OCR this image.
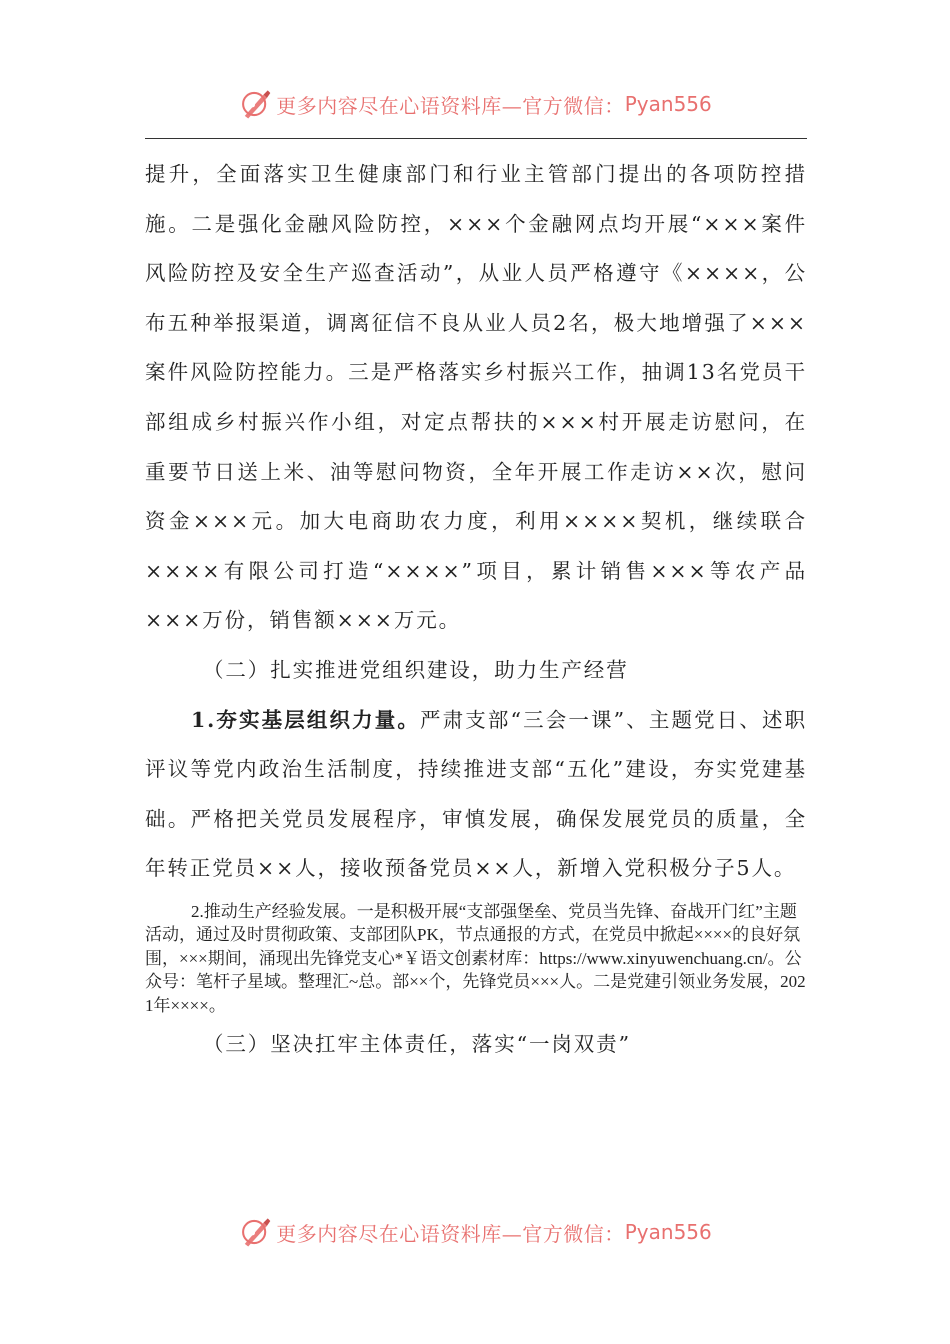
更多内容尽在心语资料库—官方微信： Pyan556

提升，全面落实卫生健康部门和行业主管部门提出的各项防控措施。二是强化金融风险防控，×××个金融网点均开展“×××案件风险防控及安全生产巡查活动”，从业人员严格遵守《××××，公布五种举报渠道，调离征信不良从业人员2名，极大地增强了×××案件风险防控能力。三是严格落实乡村振兴工作，抽调13名党员干部组成乡村振兴作小组，对定点帮扶的×××村开展走访慰问，在重要节日送上米、油等慰问物资，全年开展工作走访××次，慰问资金×××元。加大电商助农力度，利用××××契机，继续联合××××有限公司打造“××××”项目，累计销售×××等农产品×××万份，销售额×××万元。

（二）扎实推进党组织建设，助力生产经营

1.夯实基层组织力量。严肃支部“三会一课”、主题党日、述职评议等党内政治生活制度，持续推进支部“五化”建设，夯实党建基础。严格把关党员发展程序，审慎发展，确保发展党员的质量，全年转正党员××人，接收预备党员××人，新增入党积极分子5人。

2.推动生产经验发展。一是积极开展“支部强堡垒、党员当先锋、奋战开门红”主题活动，通过及时贯彻政策、支部团队PK，节点通报的方式，在党员中掀起××××的良好氛围，×××期间，涌现出先锋党支心*￥语文创素材库：https://www.xinyuwenchuang.cn/。公众号：笔杆子星域。整理汇~总。部××个，先锋党员×××人。二是党建引领业务发展，2021年××××。

（三）坚决扛牢主体责任，落实“一岗双责”

更多内容尽在心语资料库—官方微信： Pyan556
